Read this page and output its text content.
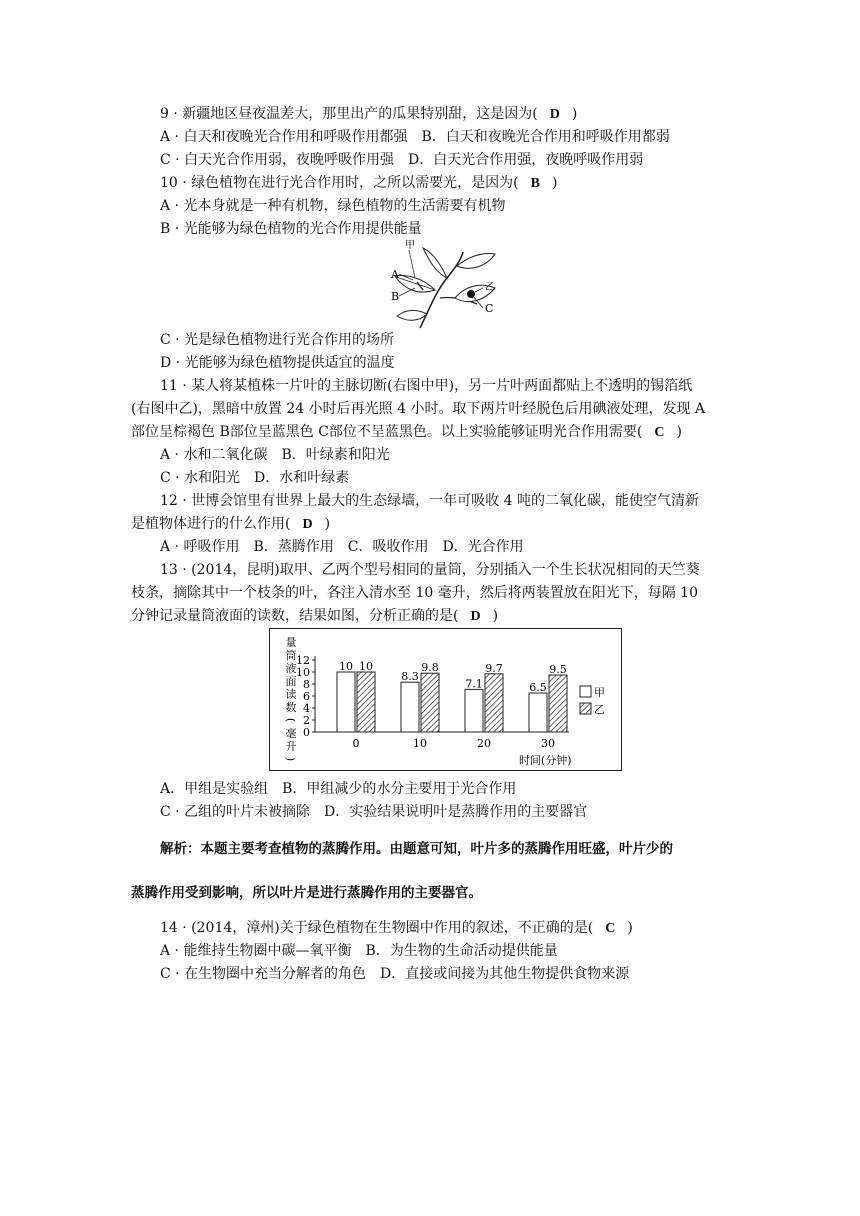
9 · 新疆地区昼夜温差大，那里出产的瓜果特别甜，这是因为( D )
A · 白天和夜晚光合作用和呼吸作用都强　B．白天和夜晚光合作用和呼吸作用都弱
C · 白天光合作用弱，夜晚呼吸作用强　D．白天光合作用强，夜晚呼吸作用弱
10 · 绿色植物在进行光合作用时，之所以需要光，是因为( B )
A · 光本身就是一种有机物，绿色植物的生活需要有机物
B · 光能够为绿色植物的光合作用提供能量
甲
A
B
乙
C
C · 光是绿色植物进行光合作用的场所
D · 光能够为绿色植物提供适宜的温度
11 · 某人将某植株一片叶的主脉切断(右图中甲)，另一片叶两面都贴上不透明的锡箔纸
(右图中乙)，黑暗中放置 24 小时后再光照 4 小时。取下两片叶经脱色后用碘液处理，发现 A
部位呈棕褐色 B部位呈蓝黑色 C部位不呈蓝黑色。以上实验能够证明光合作用需要( C )
A · 水和二氧化碳　B．叶绿素和阳光
C · 水和阳光　D．水和叶绿素
12 · 世博会馆里有世界上最大的生态绿墙，一年可吸收 4 吨的二氧化碳，能使空气清新
是植物体进行的什么作用( D )
A · 呼吸作用　B．蒸腾作用　C．吸收作用　D．光合作用
13 · (2014，昆明)取甲、乙两个型号相同的量筒，分别插入一个生长状况相同的天竺葵
枝条，摘除其中一个枝条的叶，各注入清水至 10 毫升，然后将两装置放在阳光下，每隔 10
分钟记录量筒液面的读数，结果如图，分析正确的是( D )
量
筒
液
面
读
数
(
毫
升
)
0
2
4
6
8
10
12	10 10
8.3
9.8
7.1
9.7
6.5
9.5
0	10	20	30
甲
乙
时间(分钟)
A．甲组是实验组　B．甲组减少的水分主要用于光合作用
C · 乙组的叶片未被摘除　D．实验结果说明叶是蒸腾作用的主要器官
解析：本题主要考查植物的蒸腾作用。由题意可知，叶片多的蒸腾作用旺盛，叶片少的
蒸腾作用受到影响，所以叶片是进行蒸腾作用的主要器官。
14 · (2014，漳州)关于绿色植物在生物圈中作用的叙述，不正确的是( C )
A · 能维持生物圈中碳—氧平衡　B．为生物的生命活动提供能量
C · 在生物圈中充当分解者的角色　D．直接或间接为其他生物提供食物来源
